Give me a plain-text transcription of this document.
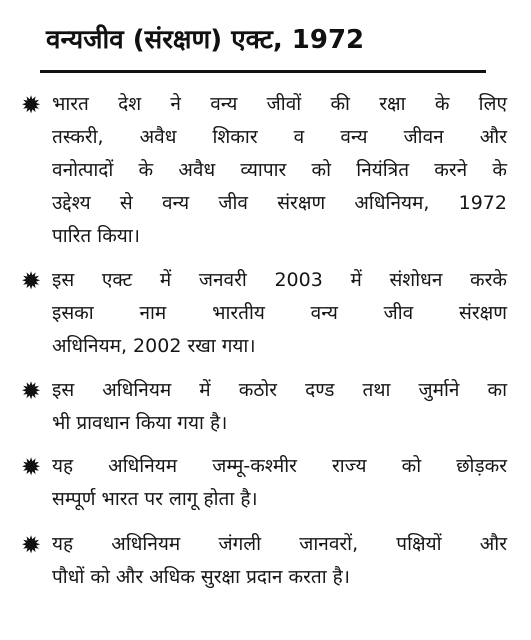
वन्यजीव (संरक्षण) एक्ट, 1972
✹ भारत देश ने वन्य जीवों की रक्षा के लिए
तस्करी, अवैध शिकार व वन्य जीवन और
वनोत्पादों के अवैध व्यापार को नियंत्रित करने के
उद्देश्य से वन्य जीव संरक्षण अधिनियम, 1972
पारित किया।
✹ इस एक्ट में जनवरी 2003 में संशोधन करके
इसका नाम भारतीय वन्य जीव संरक्षण
अधिनियम, 2002 रखा गया।
✹ इस अधिनियम में कठोर दण्ड तथा जुर्माने का
भी प्रावधान किया गया है।
✹ यह अधिनियम जम्मू-कश्मीर राज्य को छोड़कर
सम्पूर्ण भारत पर लागू होता है।
✹ यह अधिनियम जंगली जानवरों, पक्षियों और
पौधों को और अधिक सुरक्षा प्रदान करता है।
